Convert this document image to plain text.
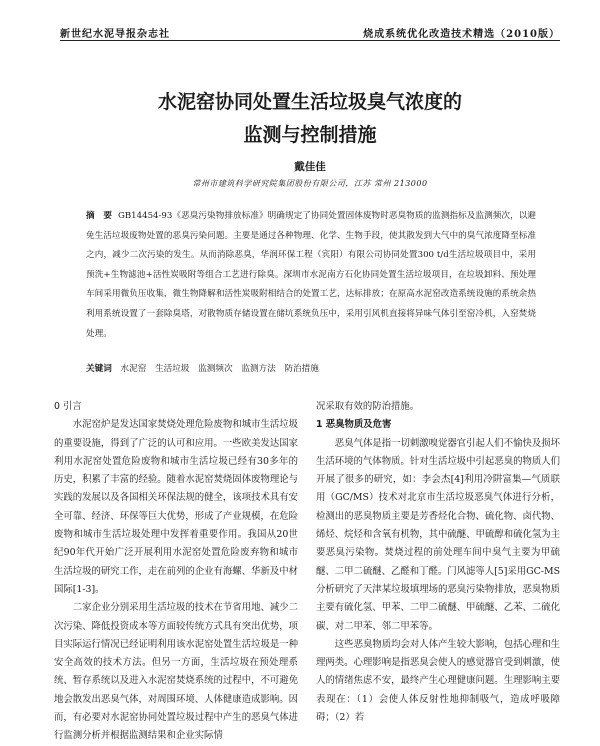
新世纪水泥导报杂志社	烧成系统优化改造技术精选（2010版）
水泥窑协同处置生活垃圾臭气浓度的
监测与控制措施
戴佳佳
常州市建筑科学研究院集团股份有限公司，江苏 常州 213000
摘　要 GB14454-93《恶臭污染物排放标准》明确规定了协同处置固体废物时恶臭物质的监测指标及监测频次，以避免生活垃圾废物处置的恶臭污染问题。主要是通过各种物理、化学、生物手段，使其散发到大气中的臭气浓度降至标准之内，减少二次污染的发生。从而消除恶臭，华润环保工程（宾阳）有限公司协同处置300 t/d生活垃圾项目中，采用预洗+生物滤池+活性炭吸附等组合工艺进行除臭。深圳市水泥南方石化协同处置生活垃圾项目，在垃圾卸料、预处理车间采用微负压收集，微生物降解和活性炭吸附相结合的处置工艺，达标排放；在原高水泥窑改造系统设施的系统余热利用系统设置了一套除臭塔，对散物质存储设置在储坑系统负压中，采用引风机直接将异味气体引至窑冷机，入窑焚烧处理。
关键词 水泥窑 生活垃圾 监测频次 监测方法 防治措施

0 引言

水泥窑炉是发达国家焚烧处理危险废物和城市生活垃圾的重要设施，得到了广泛的认可和应用。一些欧美发达国家利用水泥窑处置危险废物和城市生活垃圾已经有30多年的历史，积累了丰富的经验。随着水泥窑焚烧固体废物理论与实践的发展以及各国相关环保法规的健全，该项技术具有安全可靠、经济、环保等巨大优势，形成了产业规模，在危险废物和城市生活垃圾处理中发挥着重要作用。我国从20世纪90年代开始广泛开展利用水泥窑处置危险废弃物和城市生活垃圾的研究工作，走在前列的企业有海螺、华新及中材国际[1-3]。

二家企业分别采用生活垃圾的技术在节省用地、减少二次污染、降低投资成本等方面较传统方式具有突出优势，项目实际运行情况已经证明利用该水泥窑处置生活垃圾是一种安全高效的技术方法。但另一方面，生活垃圾在预处理系统、暂存系统以及进入水泥窑焚烧系统的过程中，不可避免地会散发出恶臭气体，对周围环境、人体健康造成影响。因而，有必要对水泥窑协同处置垃圾过程中产生的恶臭气体进行监测分析并根据监测结果和企业实际情

况采取有效的防治措施。

1 恶臭物质及危害

恶臭气体是指一切刺激嗅觉器官引起人们不愉快及损坏生活环境的气体物质。针对生活垃圾中引起恶臭的物质人们开展了很多的研究，如：李会杰[4]利用冷阱富集—气质联用（GC/MS）技术对北京市生活垃圾恶臭气体进行分析，检测出的恶臭物质主要是芳香烃化合物、硫化物、卤代物、烯烃、烷烃和含氧有机物，其中硫醚、甲硫醇和硫化氢为主要恶臭污染物。焚烧过程的前处理车间中臭气主要为甲硫醚、二甲二硫醚、乙醛和丁醛。门风滤等人[5]采用GC-MS分析研究了天津某垃圾填埋场的恶臭污染物排放，恶臭物质主要有硫化氢、甲苯、二甲二硫醚、甲硫醚、乙苯、二硫化碳、对二甲苯、邻二甲苯等。

这些恶臭物质均会对人体产生较大影响，包括心理和生理两类。心理影响是指恶臭会使人的感觉器官受到刺激，使人的情绪焦虑不安，最终产生心理健康问题。生理影响主要表现在：（1）会使人体反射性地抑制吸气，造成呼吸障碍；（2）若
